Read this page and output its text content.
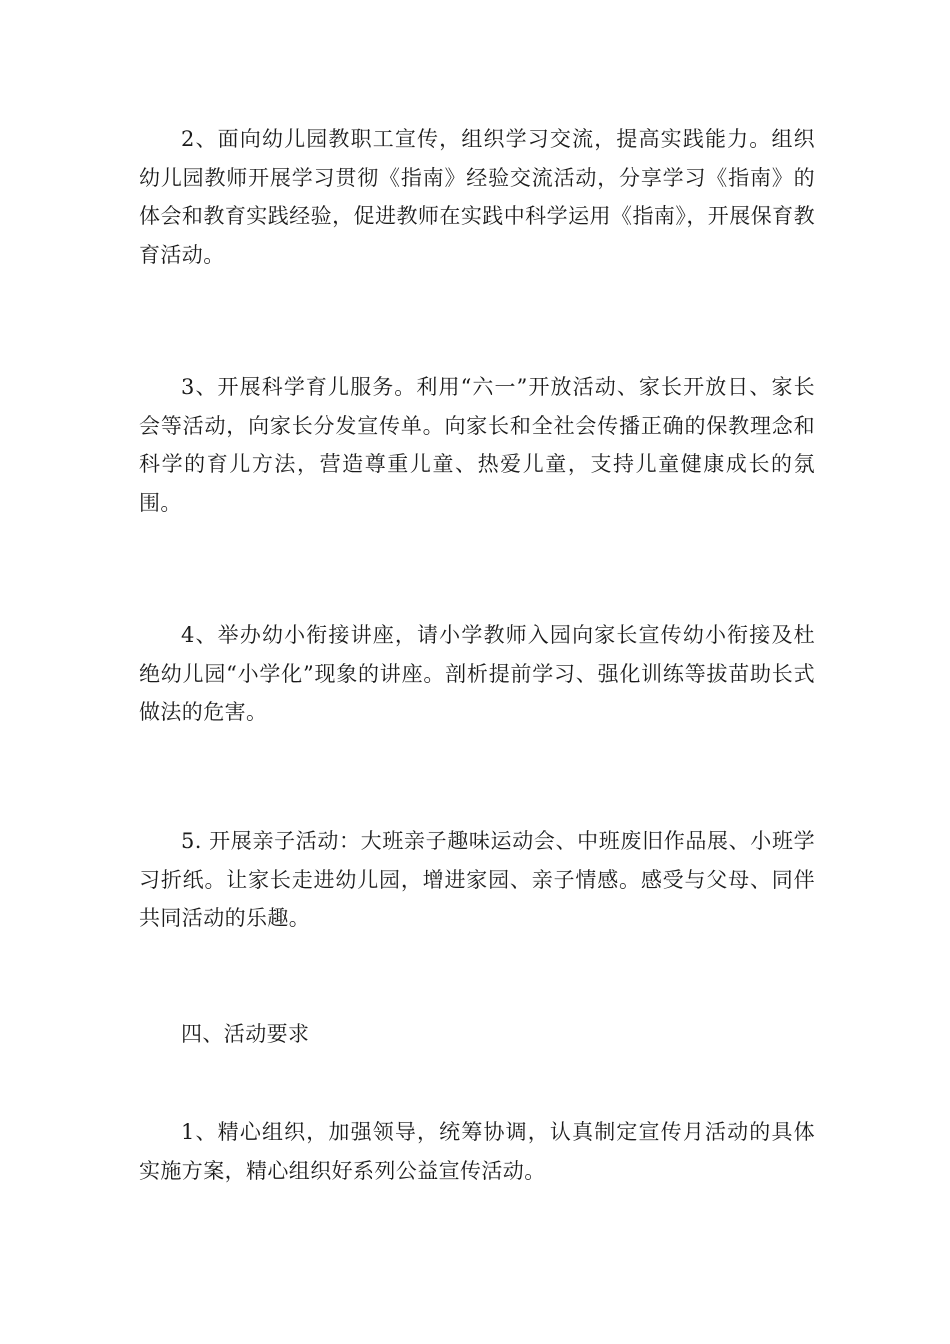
2、面向幼儿园教职工宣传，组织学习交流，提高实践能力。组织幼儿园教师开展学习贯彻《指南》经验交流活动，分享学习《指南》的体会和教育实践经验，促进教师在实践中科学运用《指南》，开展保育教育活动。

3、开展科学育儿服务。利用“六一”开放活动、家长开放日、家长会等活动，向家长分发宣传单。向家长和全社会传播正确的保教理念和科学的育儿方法，营造尊重儿童、热爱儿童，支持儿童健康成长的氛围。

4、举办幼小衔接讲座，请小学教师入园向家长宣传幼小衔接及杜绝幼儿园“小学化”现象的讲座。剖析提前学习、强化训练等拔苗助长式做法的危害。

5. 开展亲子活动：大班亲子趣味运动会、中班废旧作品展、小班学习折纸。让家长走进幼儿园，增进家园、亲子情感。感受与父母、同伴共同活动的乐趣。

四、活动要求

1、精心组织，加强领导，统筹协调，认真制定宣传月活动的具体实施方案，精心组织好系列公益宣传活动。
